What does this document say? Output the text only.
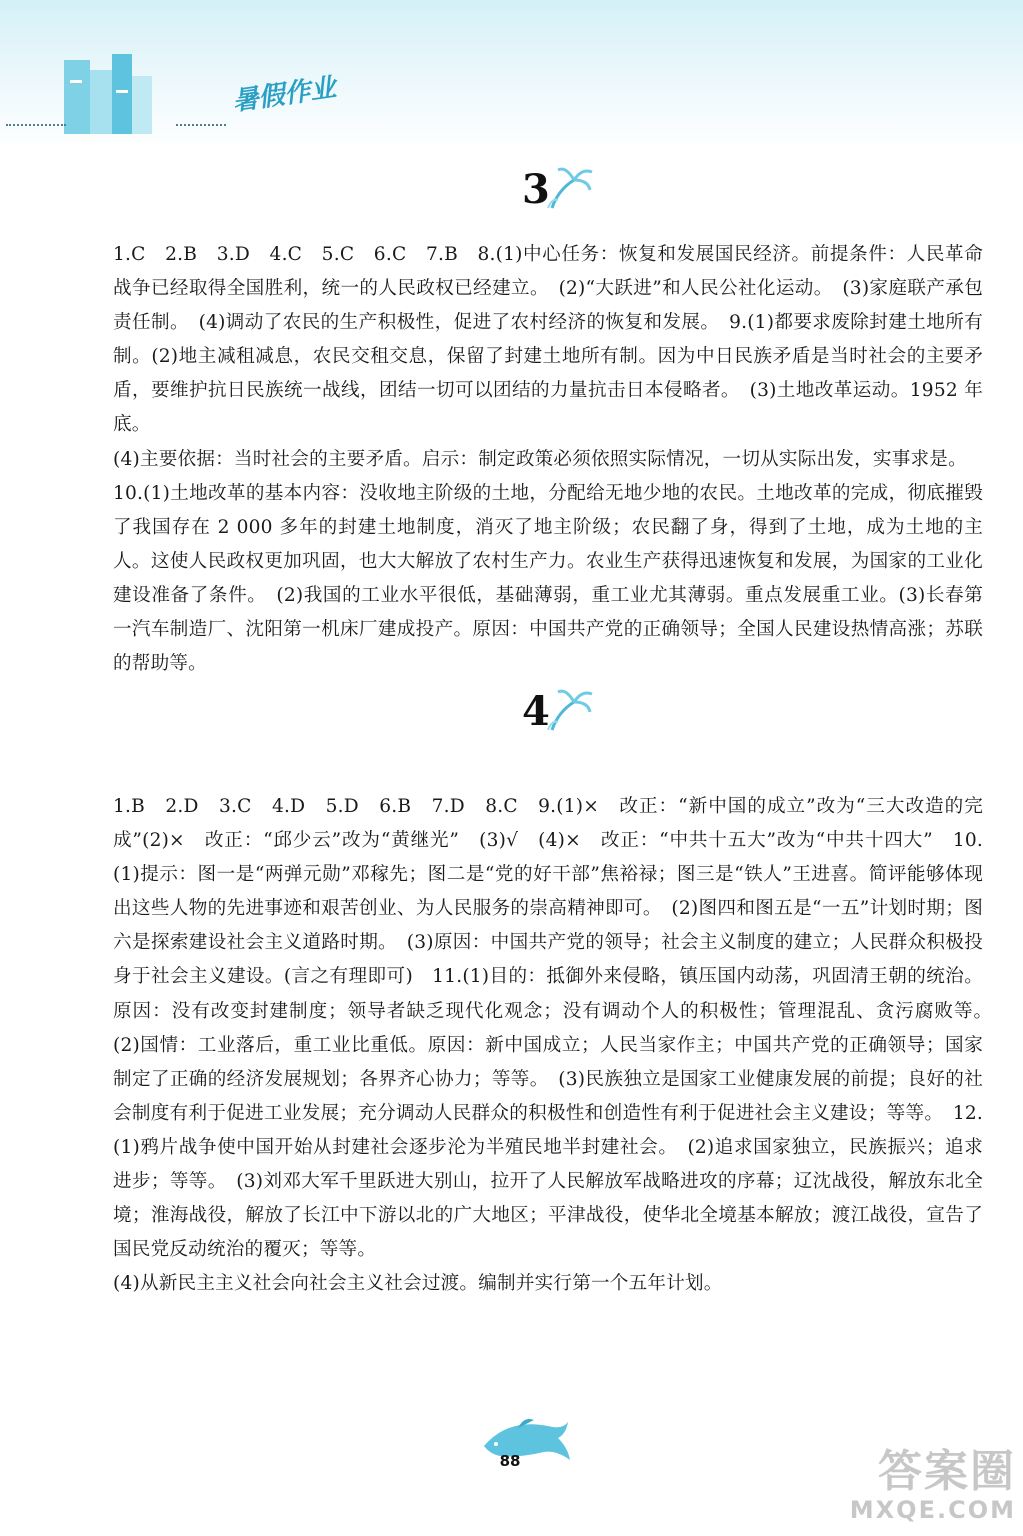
暑假作业
3

1.C　2.B　3.D　4.C　5.C　6.C　7.B　8.(1)中心任务：恢复和发展国民经济。前提条件：人民革命战争已经取得全国胜利，统一的人民政权已经建立。　(2)“大跃进”和人民公社化运动。　(3)家庭联产承包责任制。　(4)调动了农民的生产积极性，促进了农村经济的恢复和发展。　9.(1)都要求废除封建土地所有制。(2)地主减租减息，农民交租交息，保留了封建土地所有制。因为中日民族矛盾是当时社会的主要矛盾，要维护抗日民族统一战线，团结一切可以团结的力量抗击日本侵略者。　(3)土地改革运动。1952 年底。

(4)主要依据：当时社会的主要矛盾。启示：制定政策必须依照实际情况，一切从实际出发，实事求是。

10.(1)土地改革的基本内容：没收地主阶级的土地，分配给无地少地的农民。土地改革的完成，彻底摧毁了我国存在 2 000 多年的封建土地制度，消灭了地主阶级；农民翻了身，得到了土地，成为土地的主人。这使人民政权更加巩固，也大大解放了农村生产力。农业生产获得迅速恢复和发展，为国家的工业化建设准备了条件。　(2)我国的工业水平很低，基础薄弱，重工业尤其薄弱。重点发展重工业。(3)长春第一汽车制造厂、沈阳第一机床厂建成投产。原因：中国共产党的正确领导；全国人民建设热情高涨；苏联的帮助等。

4

1.B　2.D　3.C　4.D　5.D　6.B　7.D　8.C　9.(1)×　改正：“新中国的成立”改为“三大改造的完成”(2)×　改正：“邱少云”改为“黄继光”　(3)√　(4)×　改正：“中共十五大”改为“中共十四大”　10.(1)提示：图一是“两弹元勋”邓稼先；图二是“党的好干部”焦裕禄；图三是“铁人”王进喜。简评能够体现出这些人物的先进事迹和艰苦创业、为人民服务的崇高精神即可。　(2)图四和图五是“一五”计划时期；图六是探索建设社会主义道路时期。　(3)原因：中国共产党的领导；社会主义制度的建立；人民群众积极投身于社会主义建设。(言之有理即可)　11.(1)目的：抵御外来侵略，镇压国内动荡，巩固清王朝的统治。原因：没有改变封建制度；领导者缺乏现代化观念；没有调动个人的积极性；管理混乱、贪污腐败等。　(2)国情：工业落后，重工业比重低。原因：新中国成立；人民当家作主；中国共产党的正确领导；国家制定了正确的经济发展规划；各界齐心协力；等等。　(3)民族独立是国家工业健康发展的前提；良好的社会制度有利于促进工业发展；充分调动人民群众的积极性和创造性有利于促进社会主义建设；等等。　12.(1)鸦片战争使中国开始从封建社会逐步沦为半殖民地半封建社会。　(2)追求国家独立，民族振兴；追求进步；等等。　(3)刘邓大军千里跃进大别山，拉开了人民解放军战略进攻的序幕；辽沈战役，解放东北全境；淮海战役，解放了长江中下游以北的广大地区；平津战役，使华北全境基本解放；渡江战役，宣告了国民党反动统治的覆灭；等等。

(4)从新民主主义社会向社会主义社会过渡。编制并实行第一个五年计划。

88	答案圈
MXQE.COM
